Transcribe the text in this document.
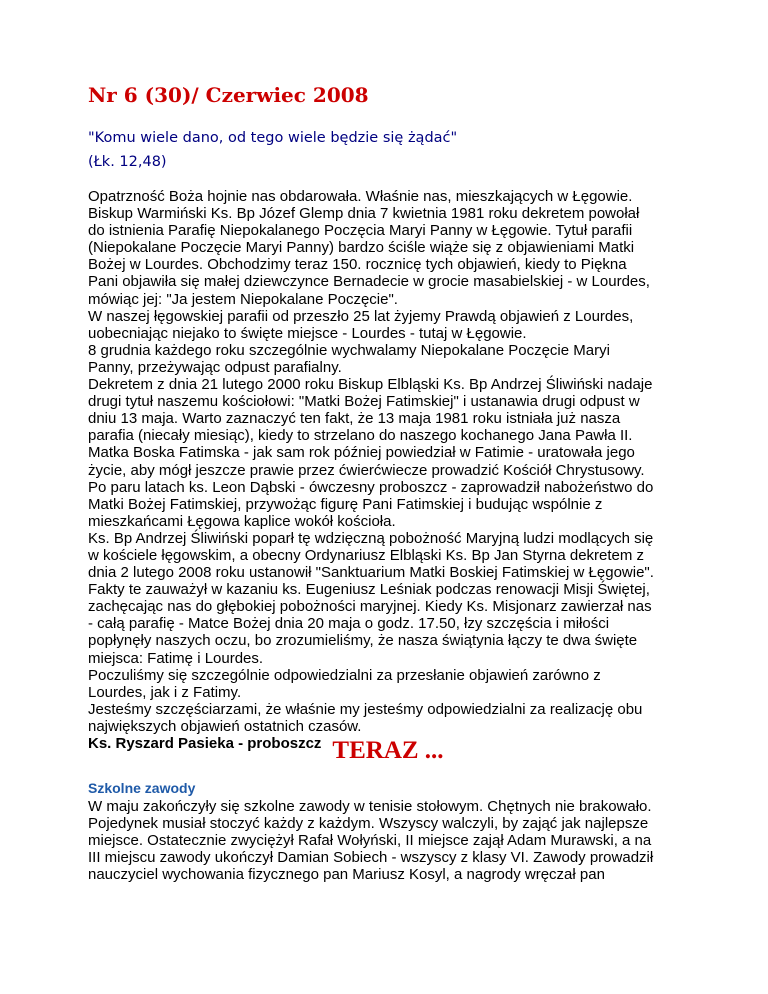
Nr 6 (30)/ Czerwiec 2008
"Komu wiele dano, od tego wiele będzie się żądać"
(Łk. 12,48)

Opatrzność Boża hojnie nas obdarowała. Właśnie nas, mieszkających w Łęgowie.

Biskup Warmiński Ks. Bp Józef Glemp dnia 7 kwietnia 1981 roku dekretem powołał

do istnienia Parafię Niepokalanego Poczęcia Maryi Panny w Łęgowie. Tytuł parafii

(Niepokalane Poczęcie Maryi Panny) bardzo ściśle wiąże się z objawieniami Matki

Bożej w Lourdes. Obchodzimy teraz 150. rocznicę tych objawień, kiedy to Piękna

Pani objawiła się małej dziewczynce Bernadecie w grocie masabielskiej - w Lourdes,

mówiąc jej: "Ja jestem Niepokalane Poczęcie".

W naszej łęgowskiej parafii od przeszło 25 lat żyjemy Prawdą objawień z Lourdes,

uobecniając niejako to święte miejsce - Lourdes - tutaj w Łęgowie.

8 grudnia każdego roku szczególnie wychwalamy Niepokalane Poczęcie Maryi

Panny, przeżywając odpust parafialny.

Dekretem z dnia 21 lutego 2000 roku Biskup Elbląski Ks. Bp Andrzej Śliwiński nadaje

drugi tytuł naszemu kościołowi: "Matki Bożej Fatimskiej" i ustanawia drugi odpust w

dniu 13 maja. Warto zaznaczyć ten fakt, że 13 maja 1981 roku istniała już nasza

parafia (niecały miesiąc), kiedy to strzelano do naszego kochanego Jana Pawła II.

Matka Boska Fatimska - jak sam rok później powiedział w Fatimie - uratowała jego

życie, aby mógł jeszcze prawie przez ćwierćwiecze prowadzić Kościół Chrystusowy.

Po paru latach ks. Leon Dąbski - ówczesny proboszcz - zaprowadził nabożeństwo do

Matki Bożej Fatimskiej, przywożąc figurę Pani Fatimskiej i budując wspólnie z

mieszkańcami Łęgowa kaplice wokół kościoła.

Ks. Bp Andrzej Śliwiński poparł tę wdzięczną pobożność Maryjną ludzi modlących się

w kościele łęgowskim, a obecny Ordynariusz Elbląski Ks. Bp Jan Styrna dekretem z

dnia 2 lutego 2008 roku ustanowił "Sanktuarium Matki Boskiej Fatimskiej w Łęgowie".

Fakty te zauważył w kazaniu ks. Eugeniusz Leśniak podczas renowacji Misji Świętej,

zachęcając nas do głębokiej pobożności maryjnej. Kiedy Ks. Misjonarz zawierzał nas

- całą parafię - Matce Bożej dnia 20 maja o godz. 17.50, łzy szczęścia i miłości

popłynęły naszych oczu, bo zrozumieliśmy, że nasza świątynia łączy te dwa święte

miejsca: Fatimę i Lourdes.

Poczuliśmy się szczególnie odpowiedzialni za przesłanie objawień zarówno z

Lourdes, jak i z Fatimy.

Jesteśmy szczęściarzami, że właśnie my jesteśmy odpowiedzialni za realizację obu

największych objawień ostatnich czasów.

Ks. Ryszard Pasieka - proboszcz TERAZ ...
Szkolne zawody

W maju zakończyły się szkolne zawody w tenisie stołowym. Chętnych nie brakowało.

Pojedynek musiał stoczyć każdy z każdym. Wszyscy walczyli, by zająć jak najlepsze

miejsce. Ostatecznie zwyciężył Rafał Wołyński, II miejsce zajął Adam Murawski, a na

III miejscu zawody ukończył Damian Sobiech - wszyscy z klasy VI. Zawody prowadził

nauczyciel wychowania fizycznego pan Mariusz Kosyl, a nagrody wręczał pan
